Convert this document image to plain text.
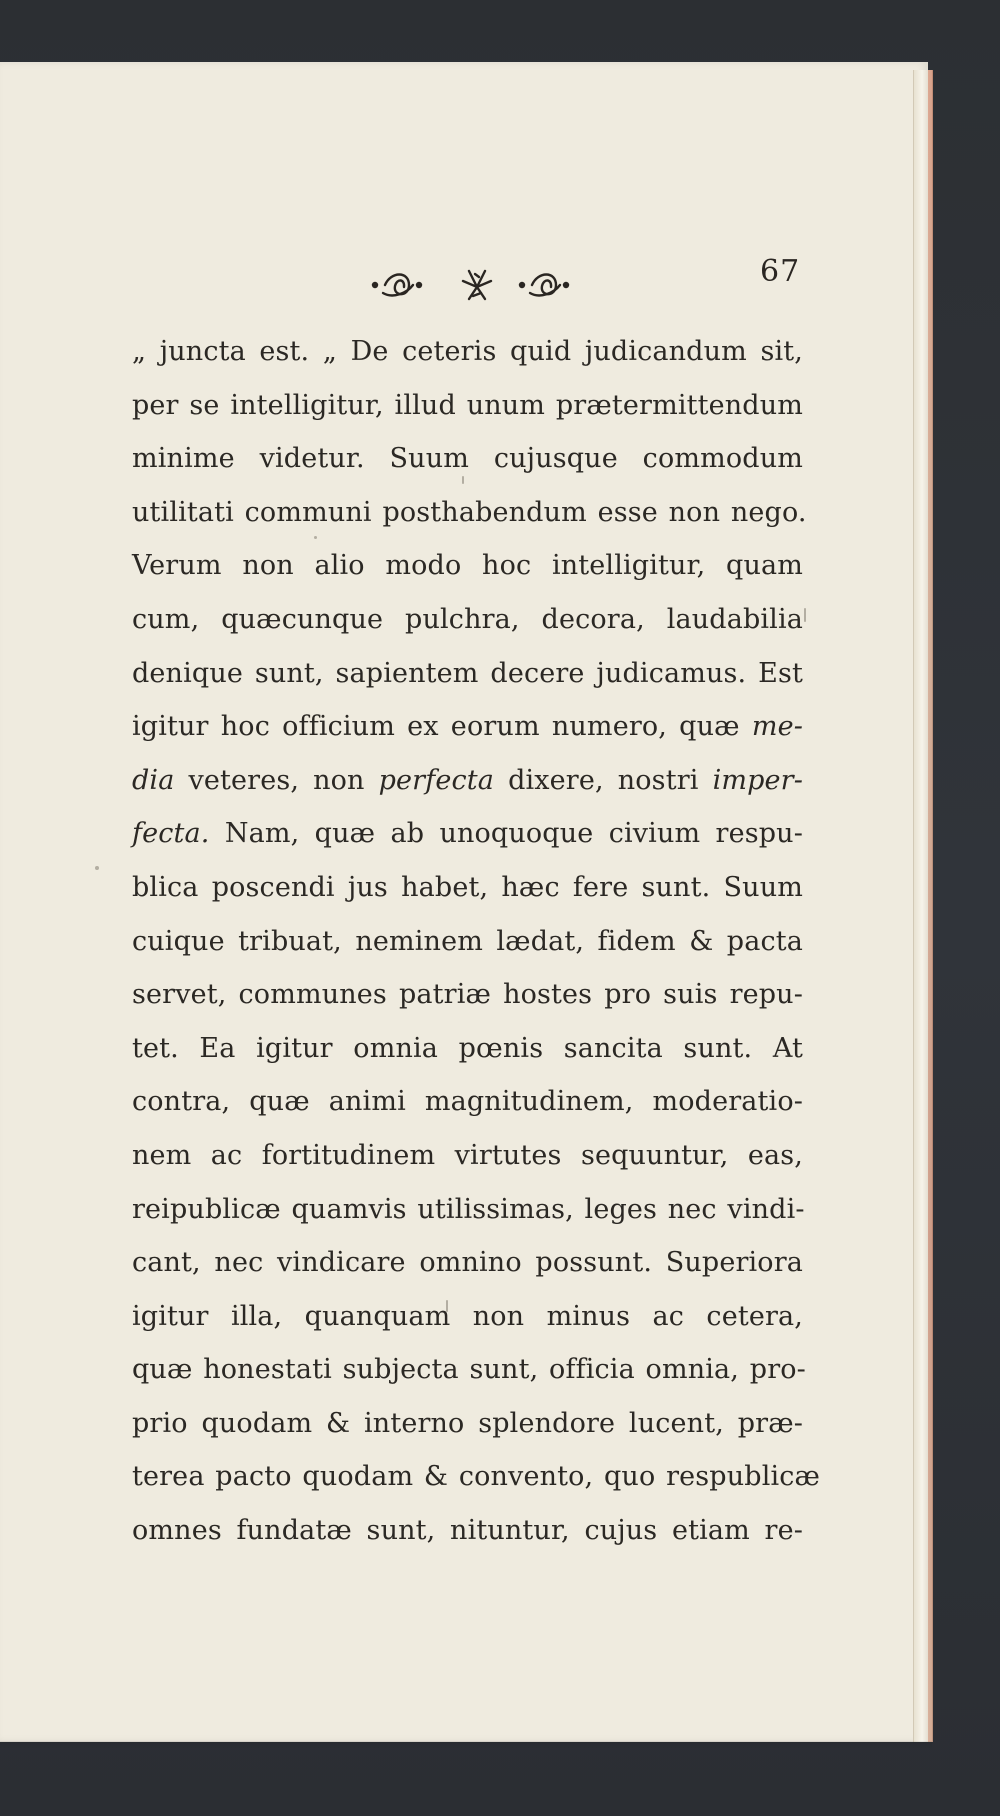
67
„ juncta est. „ De ceteris quid judicandum sit,
per se intelligitur, illud unum prætermittendum
minime videtur. Suum cujusque commodum
utilitati communi posthabendum esse non nego.
Verum non alio modo hoc intelligitur, quam
cum, quæcunque pulchra, decora, laudabilia
denique sunt, sapientem decere judicamus. Est
igitur hoc officium ex eorum numero, quæ me-
dia veteres, non perfecta dixere, nostri imper-
fecta. Nam, quæ ab unoquoque civium respu-
blica poscendi jus habet, hæc fere sunt. Suum
cuique tribuat, neminem lædat, fidem & pacta
servet, communes patriæ hostes pro suis repu-
tet. Ea igitur omnia pœnis sancita sunt. At
contra, quæ animi magnitudinem, moderatio-
nem ac fortitudinem virtutes sequuntur, eas,
reipublicæ quamvis utilissimas, leges nec vindi-
cant, nec vindicare omnino possunt. Superiora
igitur illa, quanquam non minus ac cetera,
quæ honestati subjecta sunt, officia omnia, pro-
prio quodam & interno splendore lucent, præ-
terea pacto quodam & convento, quo respublicæ
omnes fundatæ sunt, nituntur, cujus etiam re-
